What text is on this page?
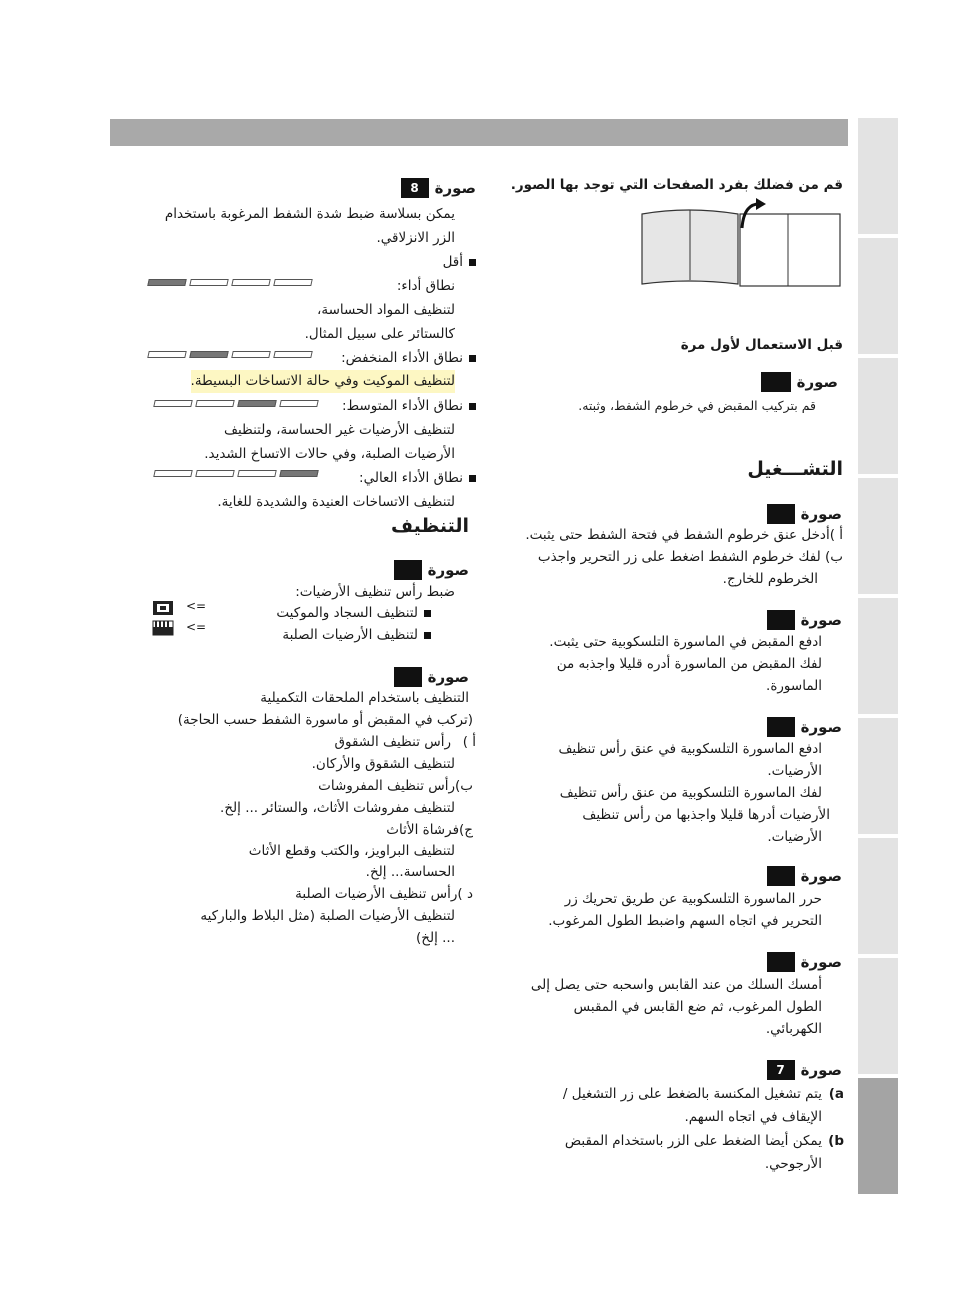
قم من فضلك بفرد الصفحات التي توجد بها الصور.
قبل الاستعمال لأول مرة
صورة
قم بتركيب المقبض في خرطوم الشفط، وثبته.
التشـــغيل
صورة
أ )أدخل عنق خرطوم الشفط في فتحة الشفط حتى يثبت.
ب) لفك خرطوم الشفط اضغط على زر التحرير واجذب
الخرطوم للخارج.
صورة
ادفع المقبض في الماسورة التلسكوبية حتى يثبت.
لفك المقبض من الماسورة أدره قليلا واجذبه من
الماسورة.
صورة
ادفع الماسورة التلسكوبية في عنق رأس تنظيف
الأرضيات.
لفك الماسورة التلسكوبية من عنق رأس تنظيف
الأرضيات أدرها قليلا واجذبها من رأس تنظيف
الأرضيات.
صورة
حرر الماسورة التلسكوبية عن طريق تحريك زر
التحرير في اتجاه السهم واضبط الطول المرغوب.
صورة
أمسك السلك من عند القابس واسحبه حتى يصل إلى
الطول المرغوب، ثم ضع القابس في المقبس
الكهربائي.
صورة
7
a)
يتم تشغيل المكنسة بالضغط على زر التشغيل /
الإيقاف في اتجاه السهم.
b)
يمكن أيضا الضغط على الزر باستخدام المقبض
الأرجوحي.
صورة
8
يمكن بسلاسة ضبط شدة الشفط المرغوبة باستخدام
الزر الانزلاقي.
أقل
نطاق أداء:
لتنظيف المواد الحساسة،
كالستائر على سبيل المثال.
نطاق الأداء المنخفض:
لتنظيف الموكيت وفي حالة الاتساخات البسيطة.
نطاق الأداء المتوسط:
لتنظيف الأرضيات غير الحساسة، ولتنظيف
الأرضيات الصلبة، وفي حالات الاتساخ الشديد.
نطاق الأداء العالي:
لتنظيف الاتساخات العنيدة والشديدة للغاية.
التنظيف
صورة
ضبط رأس تنظيف الأرضيات:
لتنظيف السجاد والموكيت
لتنظيف الأرضيات الصلبة
<=
<=
صورة
التنظيف باستخدام الملحقات التكميلية
(تركب في المقبض أو ماسورة الشفط حسب الحاجة)
أ )
رأس تنظيف الشقوق
لتنظيف الشقوق والأركان.
ب)رأس تنظيف المفروشات
لتنظيف مفروشات الأثاث، والستائر ... إلخ.
ج)فرشاة الأثاث
لتنظيف البراويز، والكتب وقطع الأثاث
الحساسة... إلخ.
د )رأس تنظيف الأرضيات الصلبة
لتنظيف الأرضيات الصلبة (مثل البلاط والباركيه
... إلخ)
